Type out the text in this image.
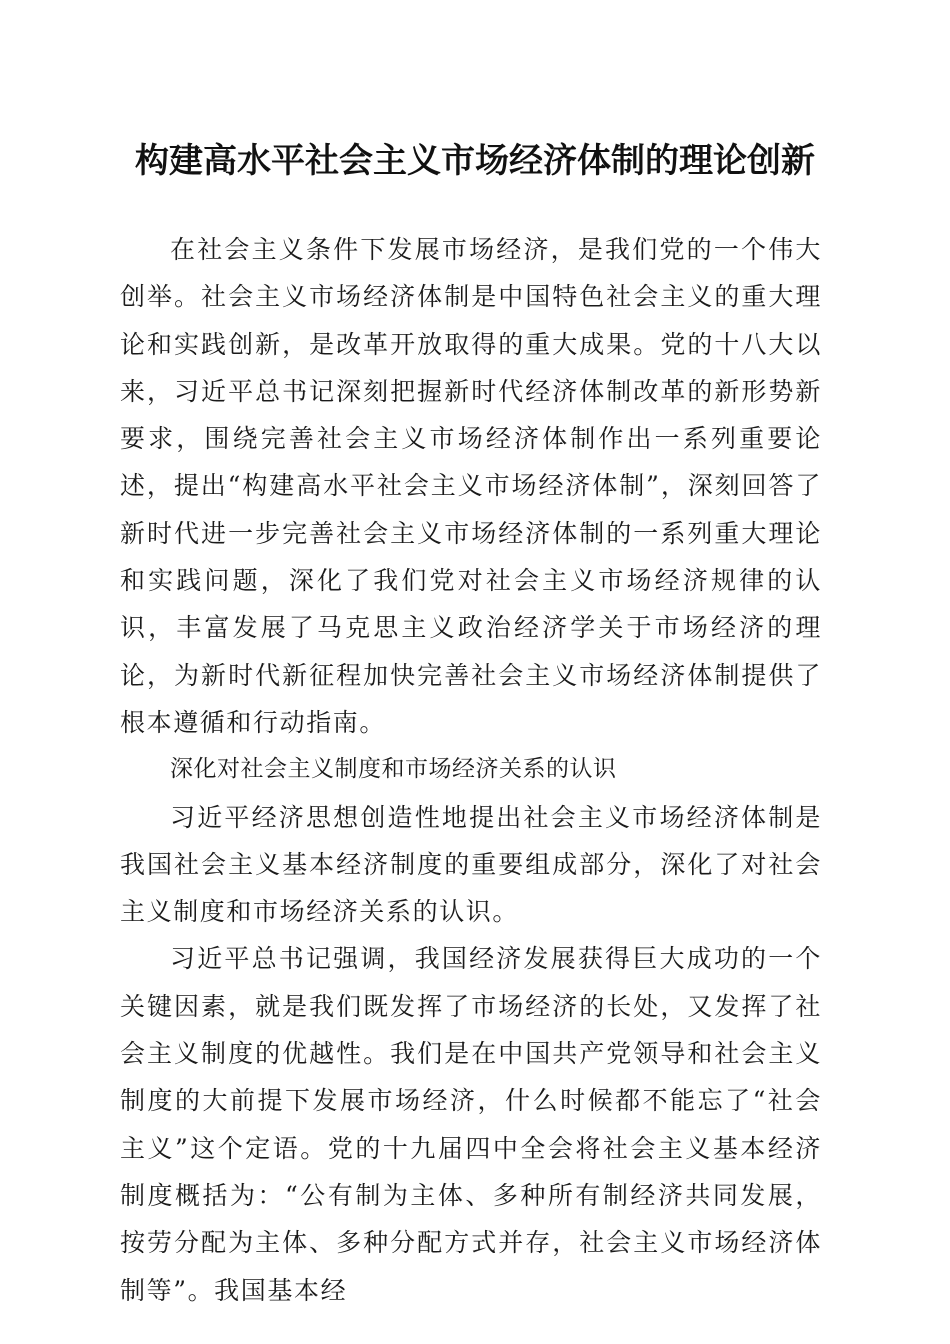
构建高水平社会主义市场经济体制的理论创新

在社会主义条件下发展市场经济，是我们党的一个伟大创举。社会主义市场经济体制是中国特色社会主义的重大理论和实践创新，是改革开放取得的重大成果。党的十八大以来，习近平总书记深刻把握新时代经济体制改革的新形势新要求，围绕完善社会主义市场经济体制作出一系列重要论述，提出“构建高水平社会主义市场经济体制”，深刻回答了新时代进一步完善社会主义市场经济体制的一系列重大理论和实践问题，深化了我们党对社会主义市场经济规律的认识，丰富发展了马克思主义政治经济学关于市场经济的理论，为新时代新征程加快完善社会主义市场经济体制提供了根本遵循和行动指南。

深化对社会主义制度和市场经济关系的认识

习近平经济思想创造性地提出社会主义市场经济体制是我国社会主义基本经济制度的重要组成部分，深化了对社会主义制度和市场经济关系的认识。

习近平总书记强调，我国经济发展获得巨大成功的一个关键因素，就是我们既发挥了市场经济的长处，又发挥了社会主义制度的优越性。我们是在中国共产党领导和社会主义制度的大前提下发展市场经济，什么时候都不能忘了“社会主义”这个定语。党的十九届四中全会将社会主义基本经济制度概括为：“公有制为主体、多种所有制经济共同发展，按劳分配为主体、多种分配方式并存，社会主义市场经济体制等”。我国基本经
